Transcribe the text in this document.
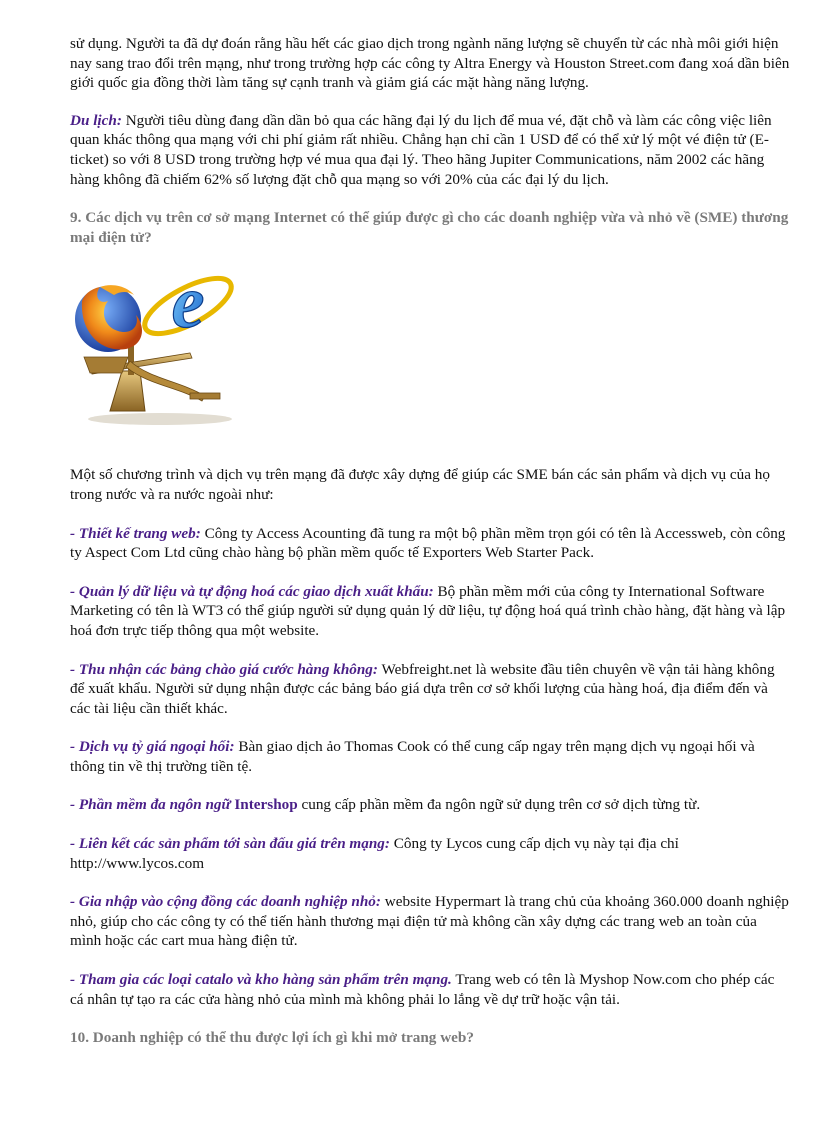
sử dụng. Người ta đã dự đoán rằng hầu hết các giao dịch trong ngành năng lượng sẽ chuyển từ các nhà môi giới hiện nay sang trao đổi trên mạng, như trong trường hợp các công ty Altra Energy và Houston Street.com đang xoá dần biên giới quốc gia đồng thời làm tăng sự cạnh tranh và giảm giá các mặt hàng năng lượng.

Du lịch: Người tiêu dùng đang dần dần bỏ qua các hãng đại lý du lịch để mua vé, đặt chỗ và làm các công việc liên quan khác thông qua mạng với chi phí giảm rất nhiều. Chẳng hạn chỉ cần 1 USD để có thể xử lý một vé điện tử (E-ticket) so với 8 USD trong trường hợp vé mua qua đại lý. Theo hãng Jupiter Communications, năm 2002 các hãng hàng không đã chiếm 62% số lượng đặt chỗ qua mạng so với 20% của các đại lý du lịch.

9. Các dịch vụ trên cơ sở mạng Internet có thể giúp được gì cho các doanh nghiệp vừa và nhỏ về (SME) thương mại điện tử?
e

Một số chương trình và dịch vụ trên mạng đã được xây dựng để giúp các SME bán các sản phẩm và dịch vụ của họ trong nước và ra nước ngoài như:

- Thiết kế trang web: Công ty Access Acounting đã tung ra một bộ phần mềm trọn gói có tên là Accessweb, còn công ty Aspect Com Ltd cũng chào hàng bộ phần mềm quốc tế Exporters Web Starter Pack.

- Quản lý dữ liệu và tự động hoá các giao dịch xuất khẩu: Bộ phần mềm mới của công ty International Software Marketing có tên là WT3 có thể giúp người sử dụng quản lý dữ liệu, tự động hoá quá trình chào hàng, đặt hàng và lập hoá đơn trực tiếp thông qua một website.

- Thu nhận các bảng chào giá cước hàng không: Webfreight.net là website đầu tiên chuyên về vận tải hàng không để xuất khẩu. Người sử dụng nhận được các bảng báo giá dựa trên cơ sở khối lượng của hàng hoá, địa điểm đến và các tài liệu cần thiết khác.

- Dịch vụ tỷ giá ngoại hối: Bàn giao dịch ảo Thomas Cook có thể cung cấp ngay trên mạng dịch vụ ngoại hối và thông tin về thị trường tiền tệ.

- Phần mềm đa ngôn ngữ Intershop cung cấp phần mềm đa ngôn ngữ sử dụng trên cơ sở dịch từng từ.

- Liên kết các sản phẩm tới sàn đấu giá trên mạng: Công ty Lycos cung cấp dịch vụ này tại địa chỉ http://www.lycos.com

- Gia nhập vào cộng đồng các doanh nghiệp nhỏ: website Hypermart là trang chủ của khoảng 360.000 doanh nghiệp nhỏ, giúp cho các công ty có thể tiến hành thương mại điện tử mà không cần xây dựng các trang web an toàn của mình hoặc các cart mua hàng điện tử.

- Tham gia các loại catalo và kho hàng sản phẩm trên mạng. Trang web có tên là Myshop Now.com cho phép các cá nhân tự tạo ra các cửa hàng nhỏ của mình mà không phải lo lắng về dự trữ hoặc vận tải.

10. Doanh nghiệp có thể thu được lợi ích gì khi mở trang web?
